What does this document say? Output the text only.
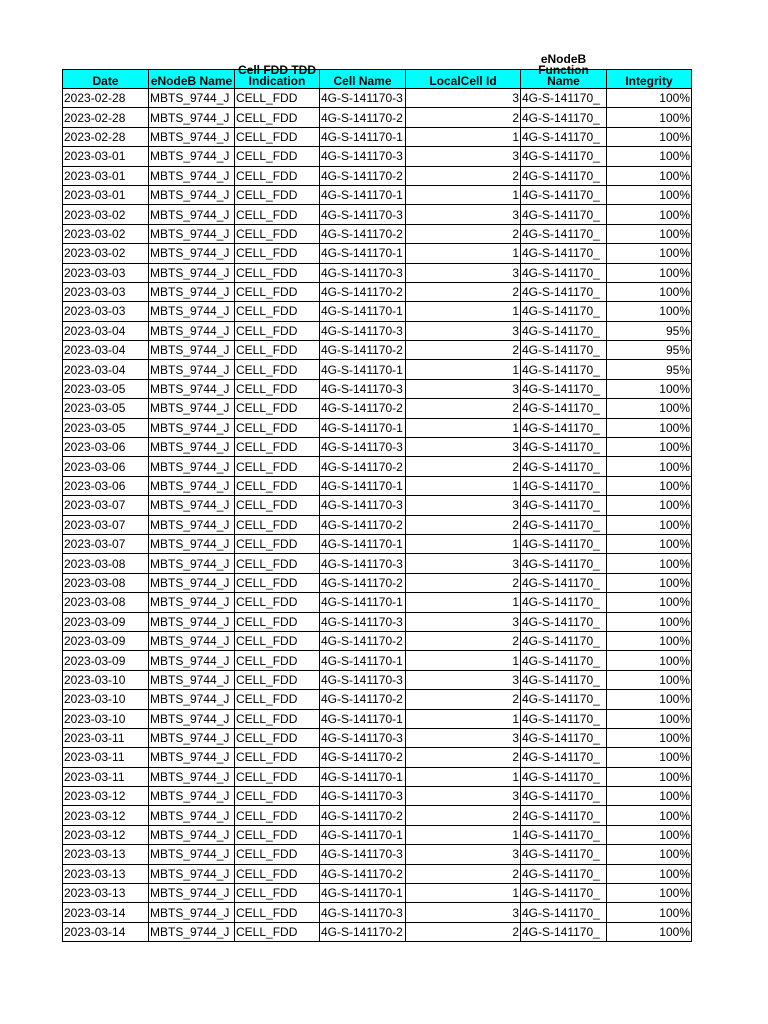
Date	eNodeB Name	Cell FDD TDD Indication	Cell Name	LocalCell Id	eNodeB Function Name	Integrity

2023-02-28	MBTS_9744_J	CELL_FDD	4G-S-141170-3	3	4G-S-141170_	100%
2023-02-28	MBTS_9744_J	CELL_FDD	4G-S-141170-2	2	4G-S-141170_	100%
2023-02-28	MBTS_9744_J	CELL_FDD	4G-S-141170-1	1	4G-S-141170_	100%
2023-03-01	MBTS_9744_J	CELL_FDD	4G-S-141170-3	3	4G-S-141170_	100%
2023-03-01	MBTS_9744_J	CELL_FDD	4G-S-141170-2	2	4G-S-141170_	100%
2023-03-01	MBTS_9744_J	CELL_FDD	4G-S-141170-1	1	4G-S-141170_	100%
2023-03-02	MBTS_9744_J	CELL_FDD	4G-S-141170-3	3	4G-S-141170_	100%
2023-03-02	MBTS_9744_J	CELL_FDD	4G-S-141170-2	2	4G-S-141170_	100%
2023-03-02	MBTS_9744_J	CELL_FDD	4G-S-141170-1	1	4G-S-141170_	100%
2023-03-03	MBTS_9744_J	CELL_FDD	4G-S-141170-3	3	4G-S-141170_	100%
2023-03-03	MBTS_9744_J	CELL_FDD	4G-S-141170-2	2	4G-S-141170_	100%
2023-03-03	MBTS_9744_J	CELL_FDD	4G-S-141170-1	1	4G-S-141170_	100%
2023-03-04	MBTS_9744_J	CELL_FDD	4G-S-141170-3	3	4G-S-141170_	95%
2023-03-04	MBTS_9744_J	CELL_FDD	4G-S-141170-2	2	4G-S-141170_	95%
2023-03-04	MBTS_9744_J	CELL_FDD	4G-S-141170-1	1	4G-S-141170_	95%
2023-03-05	MBTS_9744_J	CELL_FDD	4G-S-141170-3	3	4G-S-141170_	100%
2023-03-05	MBTS_9744_J	CELL_FDD	4G-S-141170-2	2	4G-S-141170_	100%
2023-03-05	MBTS_9744_J	CELL_FDD	4G-S-141170-1	1	4G-S-141170_	100%
2023-03-06	MBTS_9744_J	CELL_FDD	4G-S-141170-3	3	4G-S-141170_	100%
2023-03-06	MBTS_9744_J	CELL_FDD	4G-S-141170-2	2	4G-S-141170_	100%
2023-03-06	MBTS_9744_J	CELL_FDD	4G-S-141170-1	1	4G-S-141170_	100%
2023-03-07	MBTS_9744_J	CELL_FDD	4G-S-141170-3	3	4G-S-141170_	100%
2023-03-07	MBTS_9744_J	CELL_FDD	4G-S-141170-2	2	4G-S-141170_	100%
2023-03-07	MBTS_9744_J	CELL_FDD	4G-S-141170-1	1	4G-S-141170_	100%
2023-03-08	MBTS_9744_J	CELL_FDD	4G-S-141170-3	3	4G-S-141170_	100%
2023-03-08	MBTS_9744_J	CELL_FDD	4G-S-141170-2	2	4G-S-141170_	100%
2023-03-08	MBTS_9744_J	CELL_FDD	4G-S-141170-1	1	4G-S-141170_	100%
2023-03-09	MBTS_9744_J	CELL_FDD	4G-S-141170-3	3	4G-S-141170_	100%
2023-03-09	MBTS_9744_J	CELL_FDD	4G-S-141170-2	2	4G-S-141170_	100%
2023-03-09	MBTS_9744_J	CELL_FDD	4G-S-141170-1	1	4G-S-141170_	100%
2023-03-10	MBTS_9744_J	CELL_FDD	4G-S-141170-3	3	4G-S-141170_	100%
2023-03-10	MBTS_9744_J	CELL_FDD	4G-S-141170-2	2	4G-S-141170_	100%
2023-03-10	MBTS_9744_J	CELL_FDD	4G-S-141170-1	1	4G-S-141170_	100%
2023-03-11	MBTS_9744_J	CELL_FDD	4G-S-141170-3	3	4G-S-141170_	100%
2023-03-11	MBTS_9744_J	CELL_FDD	4G-S-141170-2	2	4G-S-141170_	100%
2023-03-11	MBTS_9744_J	CELL_FDD	4G-S-141170-1	1	4G-S-141170_	100%
2023-03-12	MBTS_9744_J	CELL_FDD	4G-S-141170-3	3	4G-S-141170_	100%
2023-03-12	MBTS_9744_J	CELL_FDD	4G-S-141170-2	2	4G-S-141170_	100%
2023-03-12	MBTS_9744_J	CELL_FDD	4G-S-141170-1	1	4G-S-141170_	100%
2023-03-13	MBTS_9744_J	CELL_FDD	4G-S-141170-3	3	4G-S-141170_	100%
2023-03-13	MBTS_9744_J	CELL_FDD	4G-S-141170-2	2	4G-S-141170_	100%
2023-03-13	MBTS_9744_J	CELL_FDD	4G-S-141170-1	1	4G-S-141170_	100%
2023-03-14	MBTS_9744_J	CELL_FDD	4G-S-141170-3	3	4G-S-141170_	100%
2023-03-14	MBTS_9744_J	CELL_FDD	4G-S-141170-2	2	4G-S-141170_	100%
